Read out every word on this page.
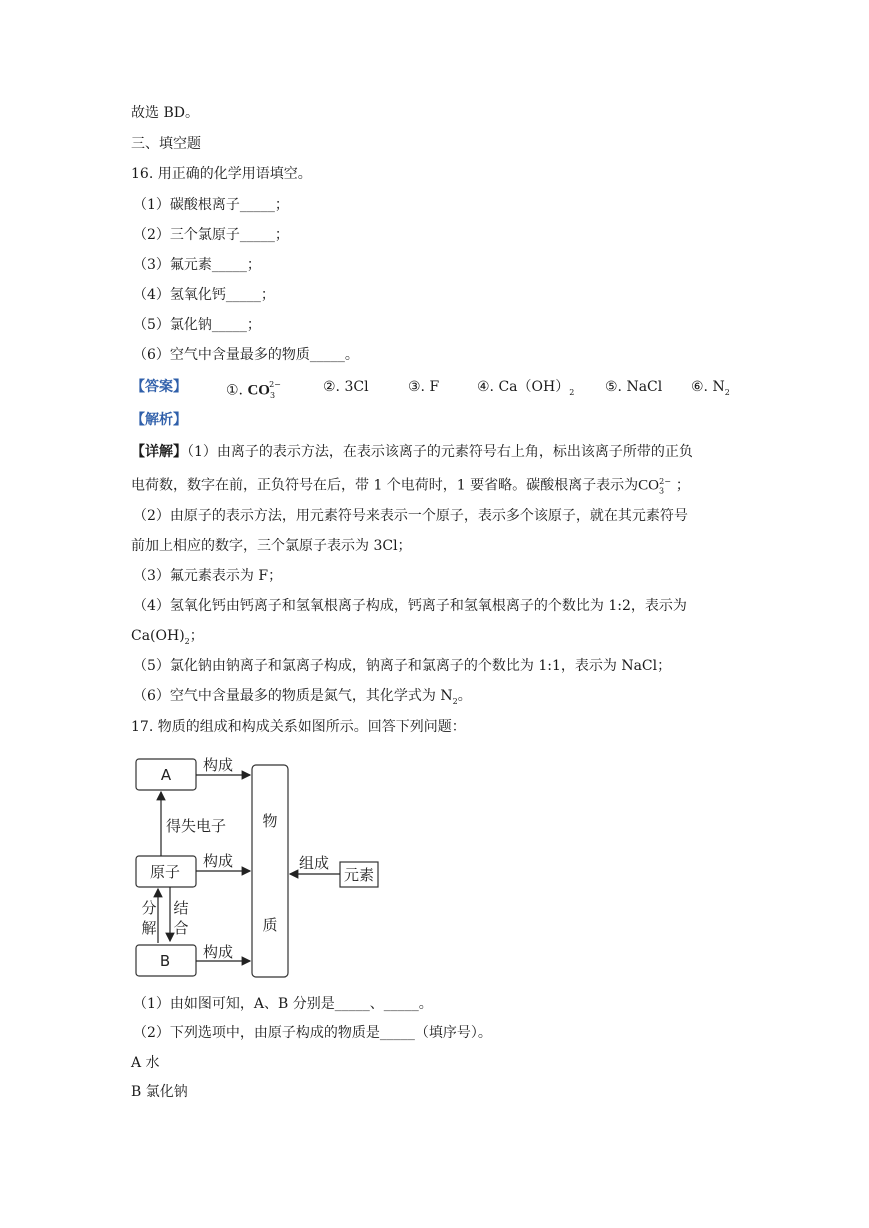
故选 BD。
三、填空题
16. 用正确的化学用语填空。
（1）碳酸根离子_____；
（2）三个氯原子_____；
（3）氟元素_____；
（4）氢氧化钙_____；
（5）氯化钠_____；
（6）空气中含量最多的物质_____。
【答案】	①. $CO_3^{2-}$	②. 3Cl	③. F	④. $Ca(OH)_2$ ⑤. NaCl ⑥. $N_2$
【解析】
【详解】（1）由离子的表示方法，在表示该离子的元素符号右上角，标出该离子所带的正负
电荷数，数字在前，正负符号在后，带 1 个电荷时，1 要省略。碳酸根离子表示为$CO_3^{2-}$ ；
（2）由原子的表示方法，用元素符号来表示一个原子，表示多个该原子，就在其元素符号
前加上相应的数字，三个氯原子表示为 3Cl；
（3）氟元素表示为 F；
（4）氢氧化钙由钙离子和氢氧根离子构成，钙离子和氢氧根离子的个数比为 1:2，表示为
$Ca(OH)_2$；
（5）氯化钠由钠离子和氯离子构成，钠离子和氯离子的个数比为 1:1，表示为 NaCl；
（6）空气中含量最多的物质是氮气，其化学式为 $N_2$。
17. 物质的组成和构成关系如图所示。回答下列问题：
A
原子
B
物
质
元素
构成
构成
构成
组成
得失电子
分
解
结
合
（1）由如图可知，A、B 分别是_____、_____。
（2）下列选项中，由原子构成的物质是_____（填序号）。
A 水
B 氯化钠
